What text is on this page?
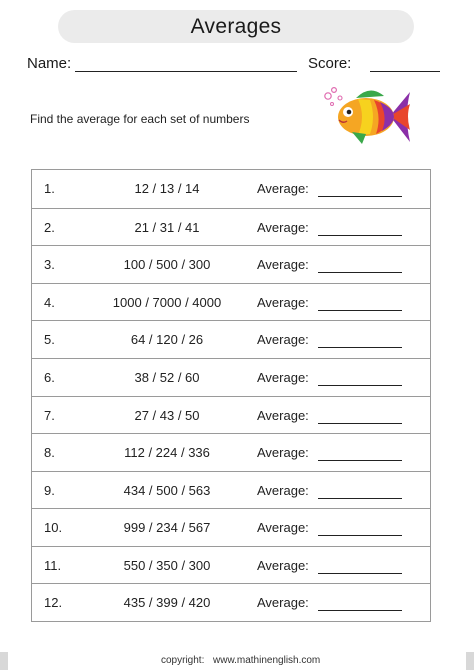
Averages
Name:	Score:
Find the average for each set of numbers
1.	12 / 13 / 14	Average:
2.	21 / 31 / 41	Average:
3.	100 / 500 / 300	Average:
4.	1000 / 7000 / 4000	Average:
5.	64 / 120 / 26	Average:
6.	38 / 52 / 60	Average:
7.	27 / 43 / 50	Average:
8.	112 / 224 / 336	Average:
9.	434 / 500 / 563	Average:
10.	999 / 234 / 567	Average:
11.	550 / 350 / 300	Average:
12.	435 / 399 / 420	Average:
copyright: www.mathinenglish.com
